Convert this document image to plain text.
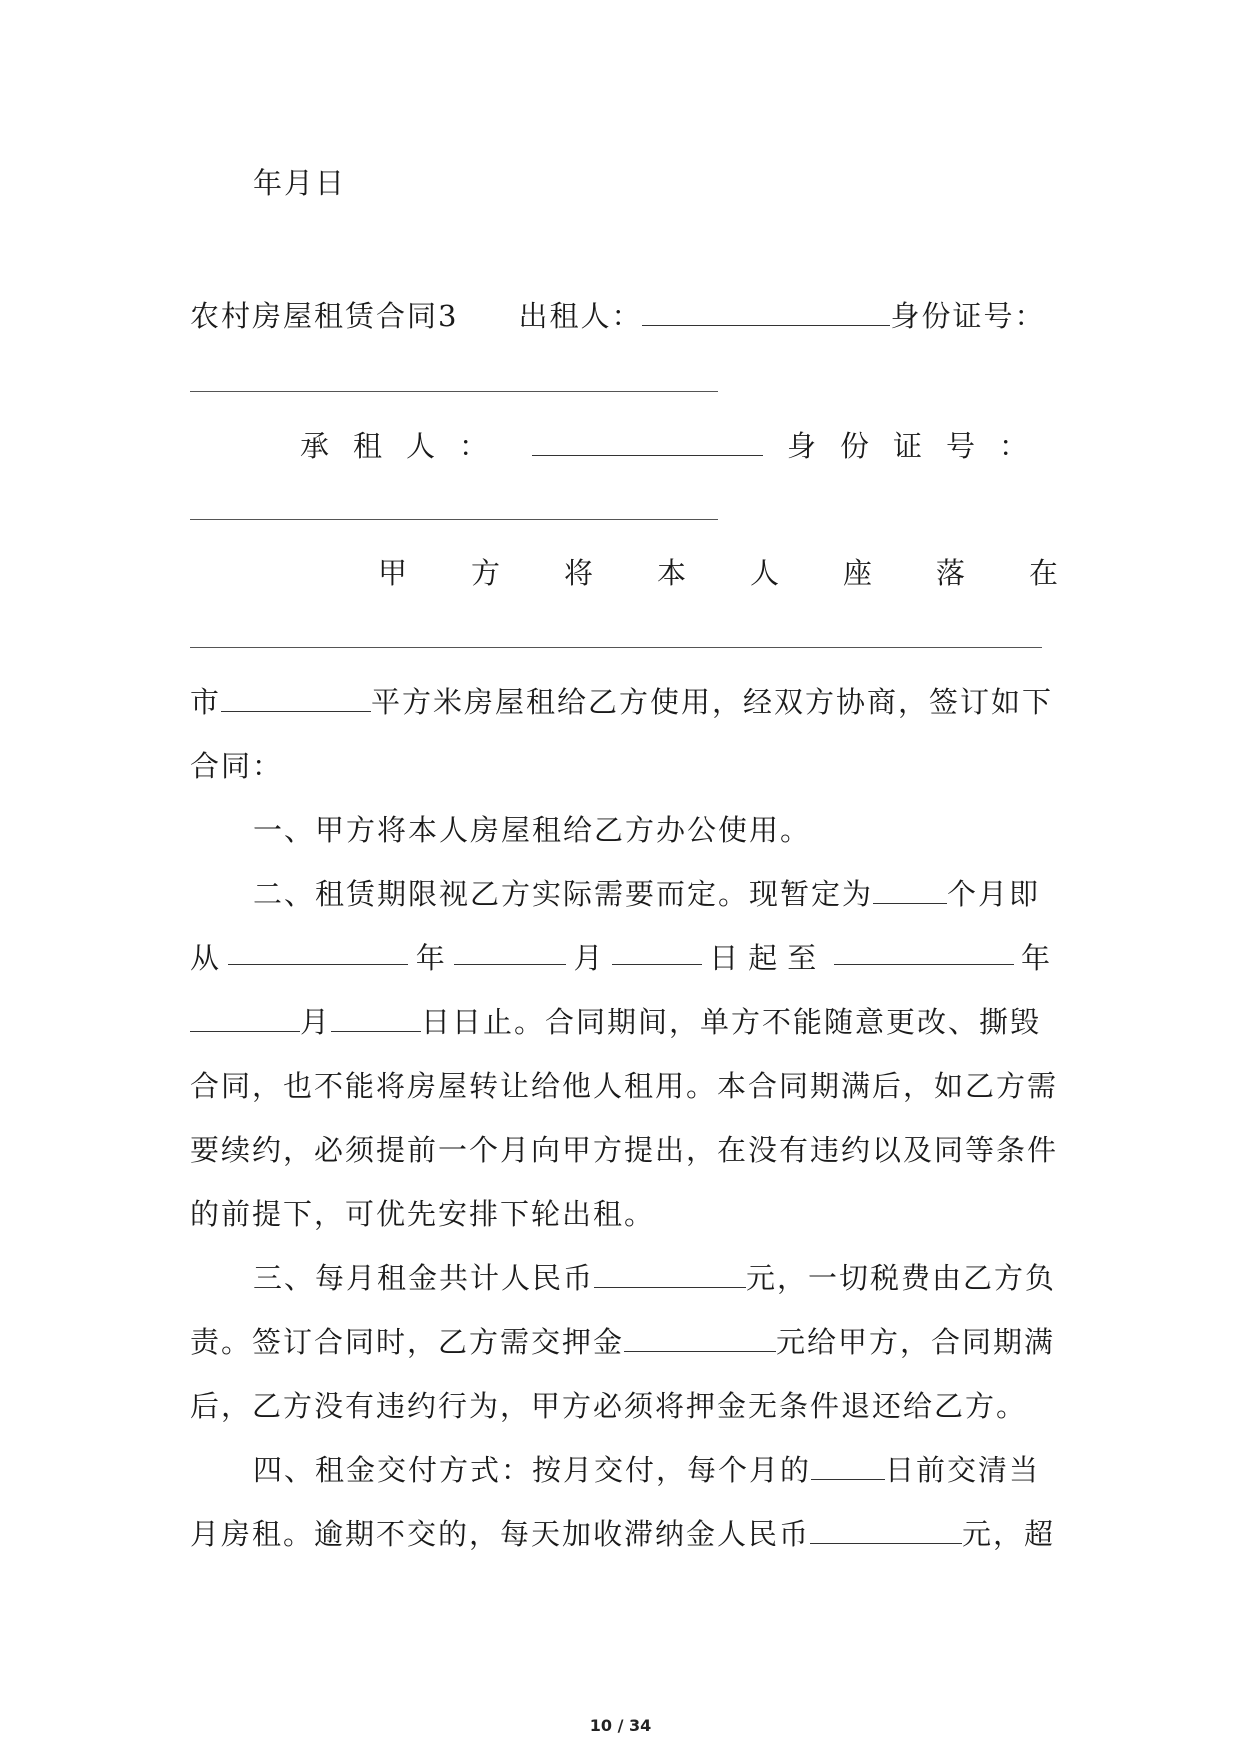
年月日
农村房屋租赁合同3 出租人：	身份证号：
承租人：	身份证号：
甲方将本人座落在
市	平方米房屋租给乙方使用，经双方协商，签订如下
合同：
一、甲方将本人房屋租给乙方办公使用。
二、租赁期限视乙方实际需要而定。现暂定为	个月即
从	年	月	日起至	年
月	日日止。合同期间，单方不能随意更改、撕毁
合同，也不能将房屋转让给他人租用。本合同期满后，如乙方需
要续约，必须提前一个月向甲方提出，在没有违约以及同等条件
的前提下，可优先安排下轮出租。
三、每月租金共计人民币	元，一切税费由乙方负
责。签订合同时，乙方需交押金	元给甲方，合同期满
后，乙方没有违约行为，甲方必须将押金无条件退还给乙方。
四、租金交付方式：按月交付，每个月的	日前交清当
月房租。逾期不交的，每天加收滞纳金人民币	元，超
10 / 34
